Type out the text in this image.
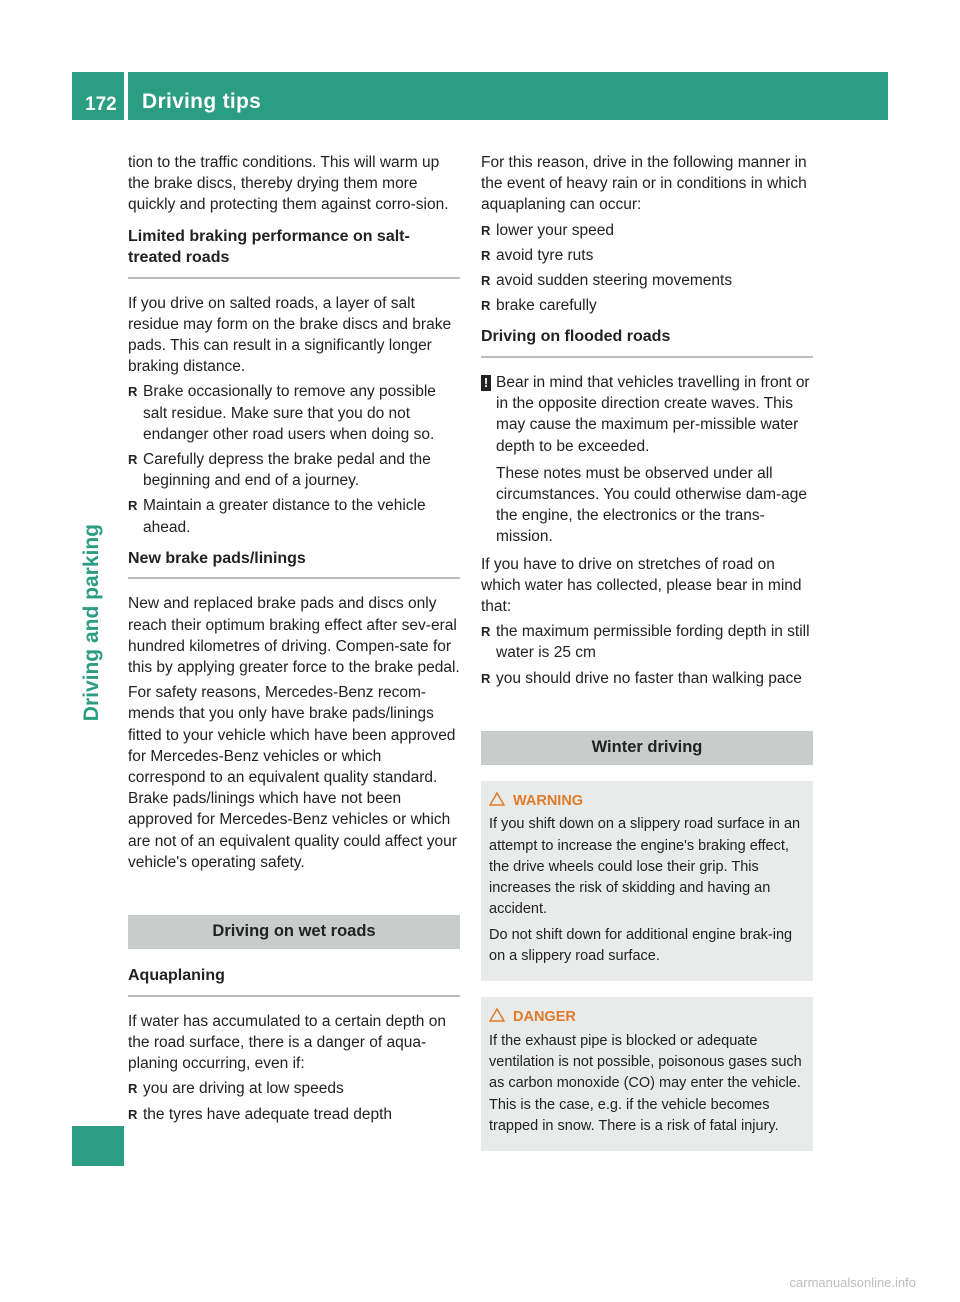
172	Driving tips
Driving and parking

tion to the traffic conditions. This will warm up the brake discs, thereby drying them more quickly and protecting them against corro-sion.

Limited braking performance on salt-treated roads

If you drive on salted roads, a layer of salt residue may form on the brake discs and brake pads. This can result in a significantly longer braking distance.

R Brake occasionally to remove any possible salt residue. Make sure that you do not endanger other road users when doing so.
R Carefully depress the brake pedal and the beginning and end of a journey.
R Maintain a greater distance to the vehicle ahead.
New brake pads/linings

New and replaced brake pads and discs only reach their optimum braking effect after sev-eral hundred kilometres of driving. Compen-sate for this by applying greater force to the brake pedal.

For safety reasons, Mercedes-Benz recom-mends that you only have brake pads/linings fitted to your vehicle which have been approved for Mercedes-Benz vehicles or which correspond to an equivalent quality standard. Brake pads/linings which have not been approved for Mercedes-Benz vehicles or which are not of an equivalent quality could affect your vehicle's operating safety.

Driving on wet roads
Aquaplaning

If water has accumulated to a certain depth on the road surface, there is a danger of aqua-planing occurring, even if:

R you are driving at low speeds
R the tyres have adequate tread depth

For this reason, drive in the following manner in the event of heavy rain or in conditions in which aquaplaning can occur:

R lower your speed
R avoid tyre ruts
R avoid sudden steering movements
R brake carefully
Driving on flooded roads
! Bear in mind that vehicles travelling in front or in the opposite direction create waves. This may cause the maximum per-missible water depth to be exceeded.

These notes must be observed under all circumstances. You could otherwise dam-age the engine, the electronics or the trans-mission.

If you have to drive on stretches of road on which water has collected, please bear in mind that:

R the maximum permissible fording depth in still water is 25 cm
R you should drive no faster than walking pace
Winter driving
WARNING

If you shift down on a slippery road surface in an attempt to increase the engine's braking effect, the drive wheels could lose their grip. This increases the risk of skidding and having an accident.

Do not shift down for additional engine brak-ing on a slippery road surface.

DANGER

If the exhaust pipe is blocked or adequate ventilation is not possible, poisonous gases such as carbon monoxide (CO) may enter the vehicle. This is the case, e.g. if the vehicle becomes trapped in snow. There is a risk of fatal injury.

carmanualsonline.info
